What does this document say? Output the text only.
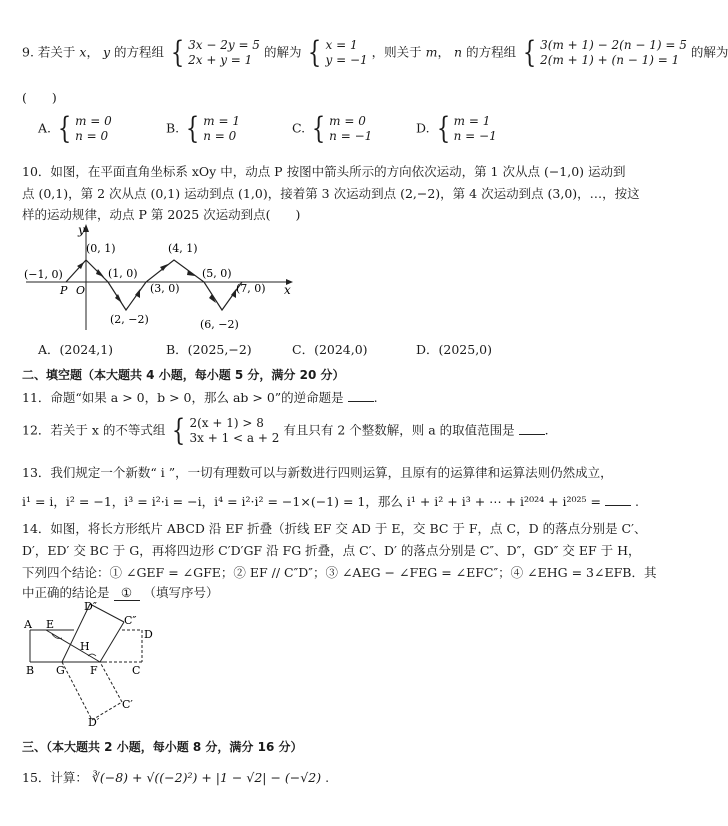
9. 若关于 x， y 的方程组 { 3x − 2y = 5
2x + y = 1
的解为 { x = 1
y = −1
，则关于 m， n 的方程组 { 3(m + 1) − 2(n − 1) = 5
2(m + 1) + (n − 1) = 1
的解为
(　　)
A. { m = 0
n = 0
B. { m = 1
n = 0
C. { m = 0
n = −1
D. { m = 1
n = −1
10．如图，在平面直角坐标系 xOy 中，动点 P 按图中箭头所示的方向依次运动，第 1 次从点 (−1,0) 运动到
点 (0,1)，第 2 次从点 (0,1) 运动到点 (1,0)，接着第 3 次运动到点 (2,−2)，第 4 次运动到点 (3,0)，…，按这
样的运动规律，动点 P 第 2025 次运动到点(　　)
y
x
O
P
(−1, 0)
(0, 1)
(1, 0)
(2, −2)
(3, 0)
(4, 1)
(5, 0)
(6, −2)
(7, 0)
A．(2024,1)	B．(2025,−2)	C．(2024,0)	D．(2025,0)
二、填空题（本大题共 4 小题，每小题 5 分，满分 20 分）
11．命题“如果 a > 0，b > 0，那么 ab > 0”的逆命题是 .
12．若关于 x 的不等式组 { 2(x + 1) > 8
3x + 1 < a + 2
有且只有 2 个整数解，则 a 的取值范围是 .
13．我们规定一个新数“ i ”，一切有理数可以与新数进行四则运算，且原有的运算律和运算法则仍然成立，
i¹ = i，i² = −1，i³ = i²·i = −i，i⁴ = i²·i² = −1×(−1) = 1，那么 i¹ + i² + i³ + ⋯ + i²⁰²⁴ + i²⁰²⁵ =	.
14．如图，将长方形纸片 ABCD 沿 EF 折叠（折线 EF 交 AD 于 E，交 BC 于 F，点 C，D 的落点分别是 C′、
D′，ED′ 交 BC 于 G，再将四边形 C′D′GF 沿 FG 折叠，点 C′、D′ 的落点分别是 C″、D″，GD″ 交 EF 于 H，
下列四个结论：① ∠GEF = ∠GFE；② EF // C″D″；③ ∠AEG − ∠FEG = ∠EFC″；④ ∠EHG = 3∠EFB．其
中正确的结论是 ① （填写序号）
A E
D″
C″
D
B G
H
F	C
C′
D′
三、（本大题共 2 小题，每小题 8 分，满分 16 分）
15．计算： ∛(−8) + √((−2)²) + |1 − √2| − (−√2) .
